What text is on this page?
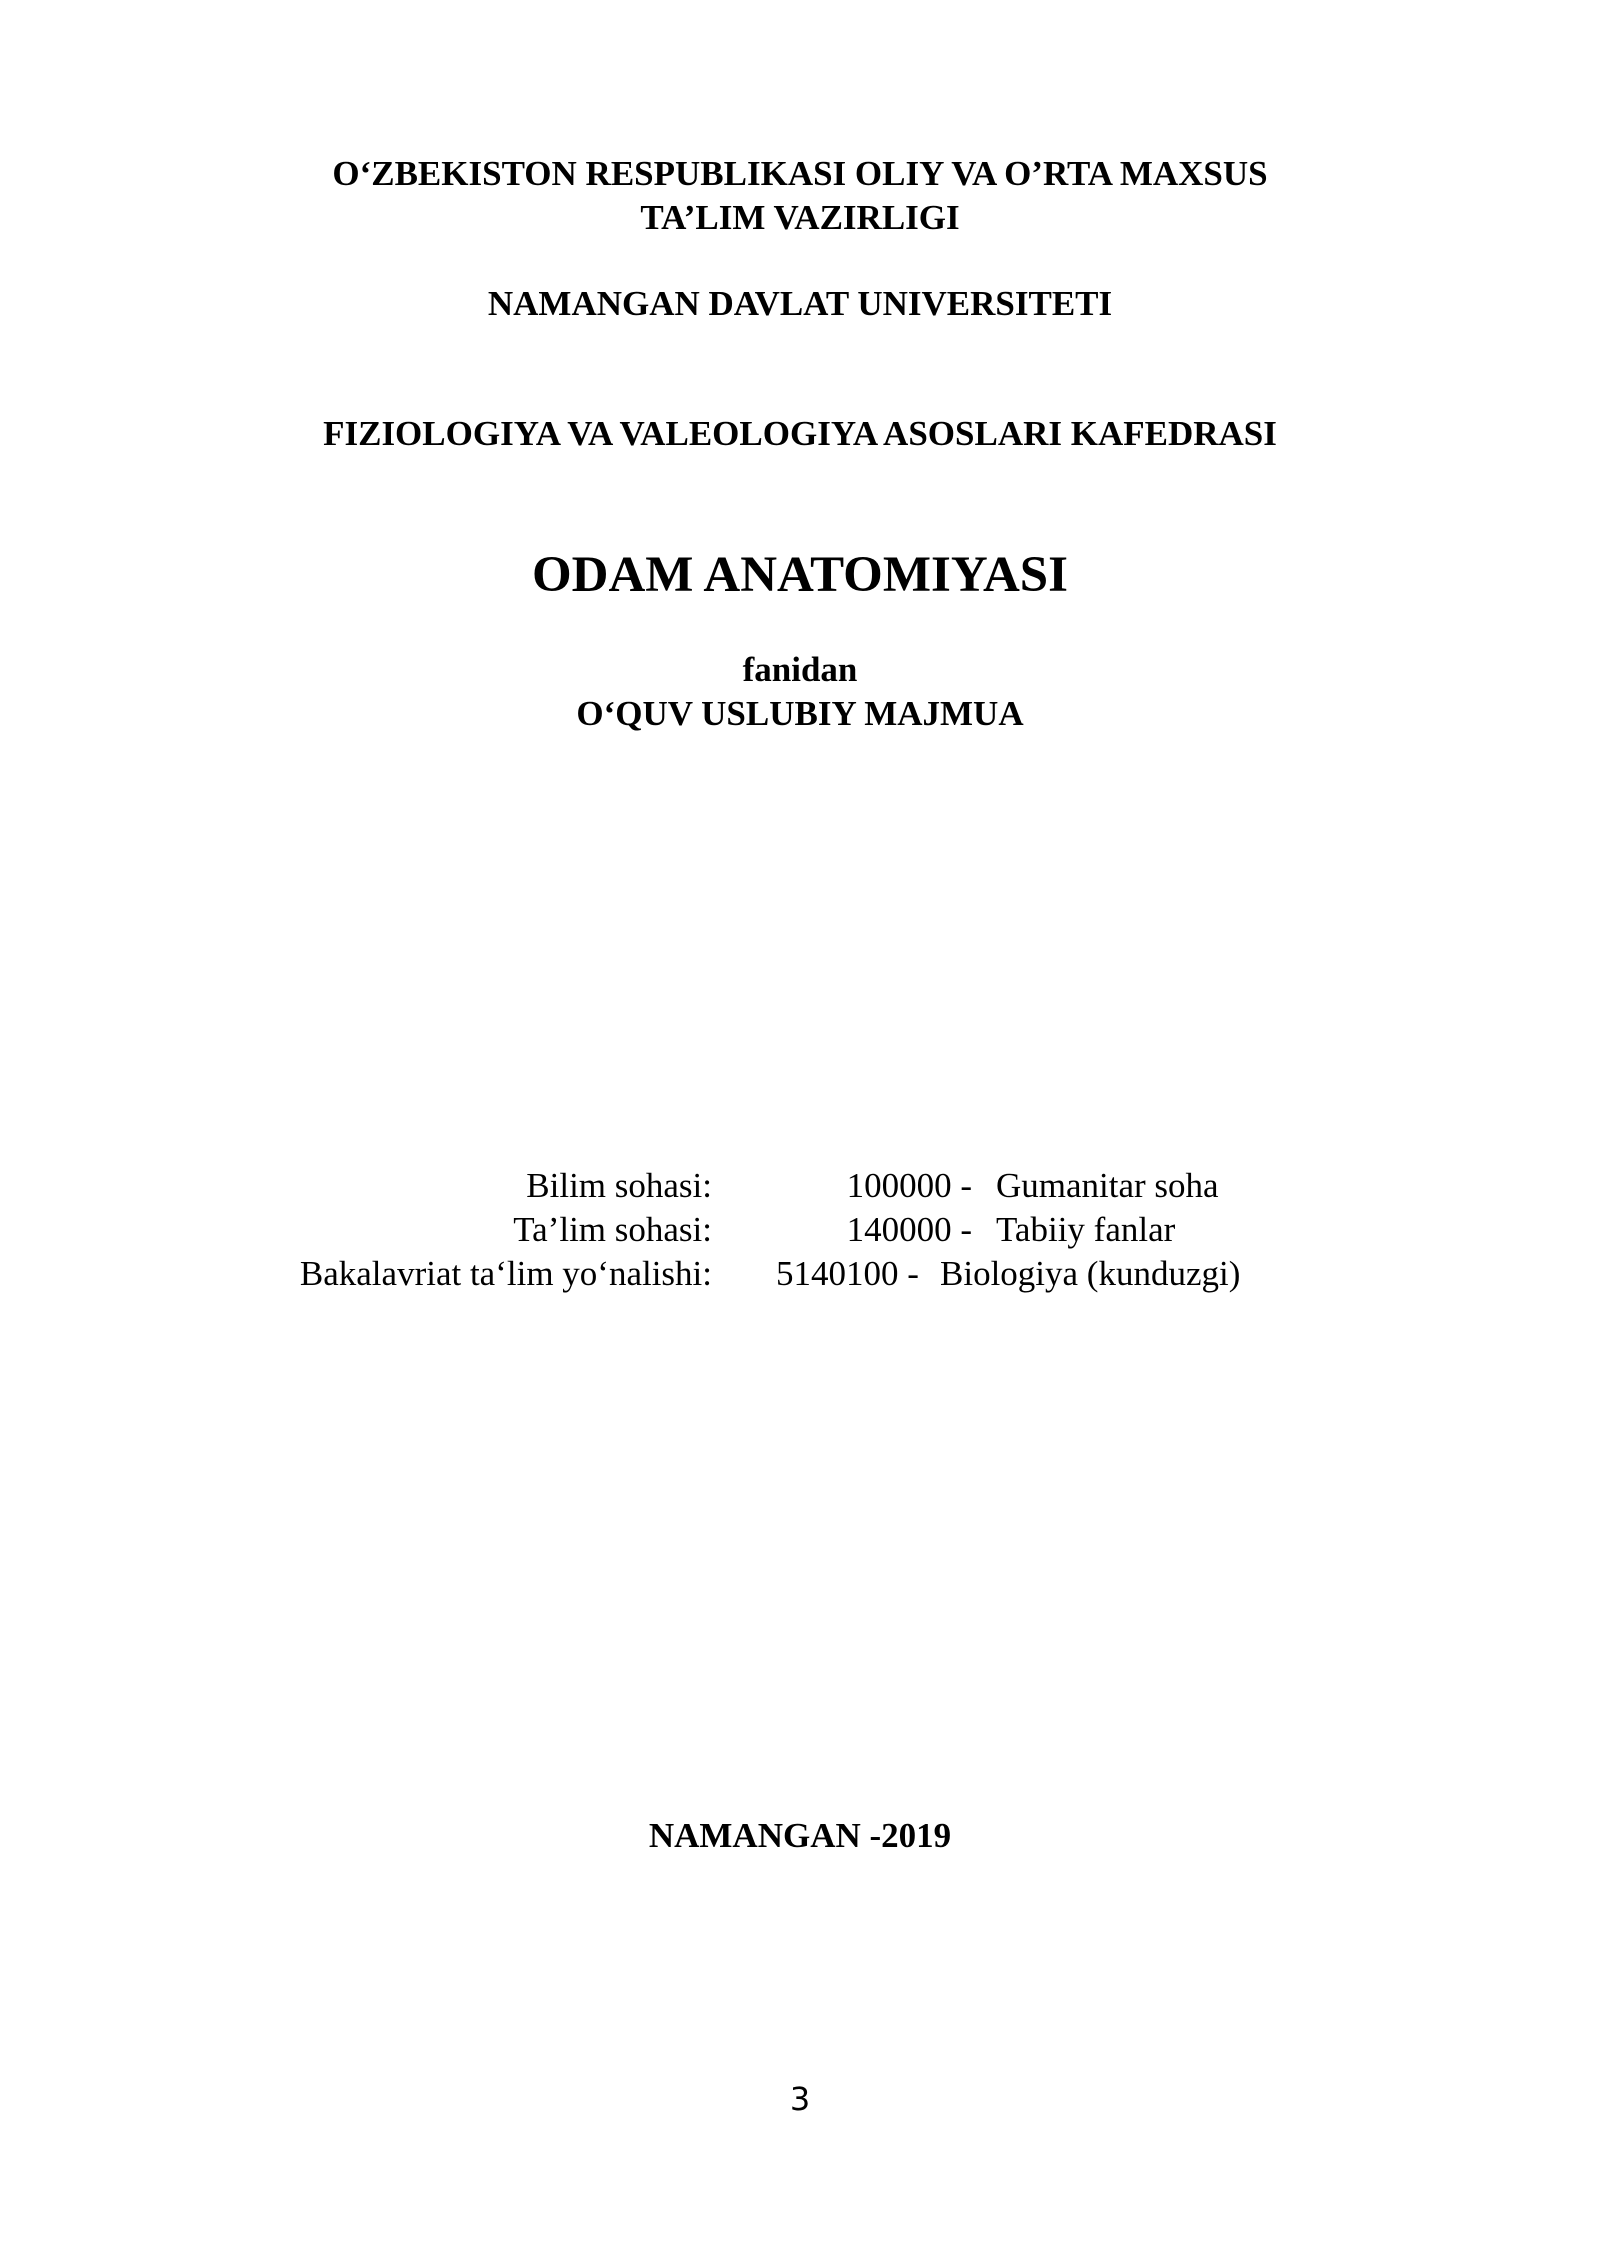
O‘ZBEKISTON RESPUBLIKASI OLIY VA O’RTA MAXSUS
TA’LIM VAZIRLIGI
NAMANGAN DAVLAT UNIVERSITETI
FIZIOLOGIYA VA VALEOLOGIYA ASOSLARI KAFEDRASI
ODAM ANATOMIYASI
fanidan
O‘QUV USLUBIY MAJMUA
Bilim sohasi:	100000 - Gumanitar soha
Ta’lim sohasi:	140000 - Tabiiy fanlar
Bakalavriat ta‘lim yo‘nalishi: 5140100 - Biologiya (kunduzgi)
NAMANGAN -2019
3
